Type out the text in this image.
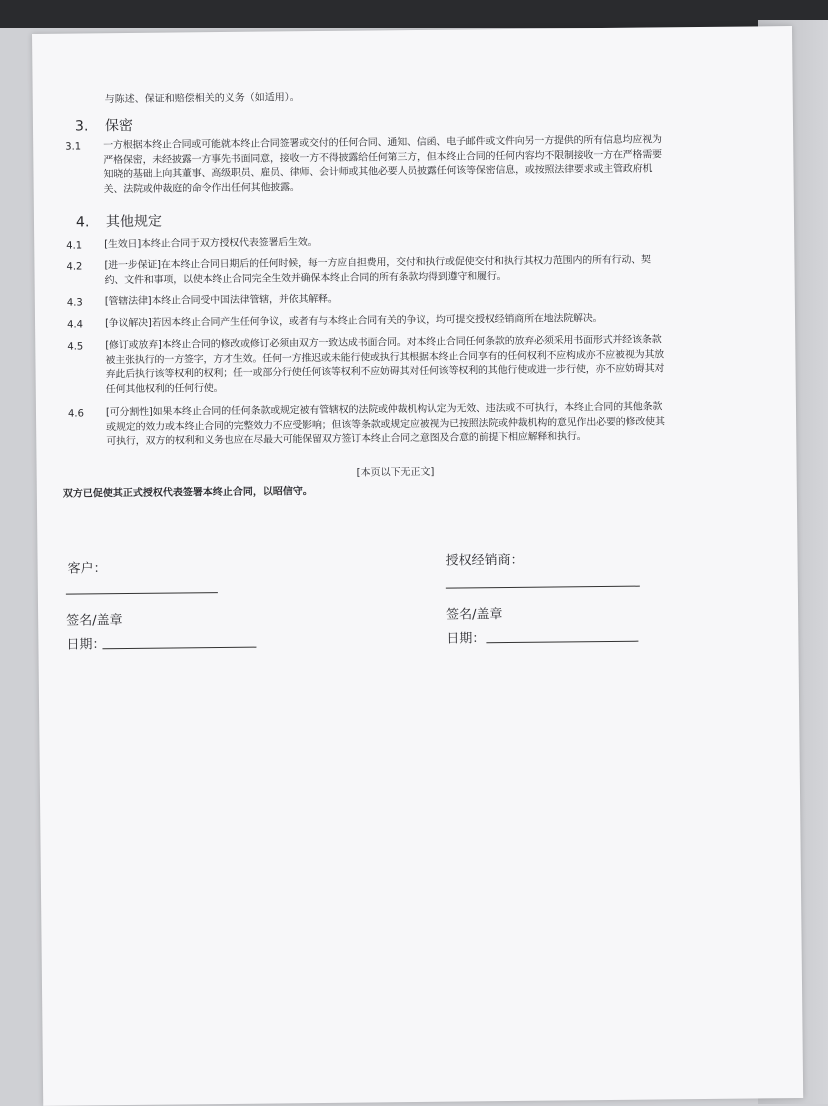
与陈述、保证和赔偿相关的义务（如适用）。
3. 保密
3.1 一方根据本终止合同或可能就本终止合同签署或交付的任何合同、通知、信函、电子邮件或文件向另一方提供的所有信息均应视为
严格保密，未经披露一方事先书面同意，接收一方不得披露给任何第三方，但本终止合同的任何内容均不限制接收一方在严格需要
知晓的基础上向其董事、高级职员、雇员、律师、会计师或其他必要人员披露任何该等保密信息，或按照法律要求或主管政府机
关、法院或仲裁庭的命令作出任何其他披露。
4. 其他规定
4.1 [生效日]本终止合同于双方授权代表签署后生效。
4.2 [进一步保证]在本终止合同日期后的任何时候，每一方应自担费用，交付和执行或促使交付和执行其权力范围内的所有行动、契
约、文件和事项，以使本终止合同完全生效并确保本终止合同的所有条款均得到遵守和履行。
4.3 [管辖法律]本终止合同受中国法律管辖，并依其解释。
4.4 [争议解决]若因本终止合同产生任何争议，或者有与本终止合同有关的争议，均可提交授权经销商所在地法院解决。
4.5 [修订或放弃]本终止合同的修改或修订必须由双方一致达成书面合同。对本终止合同任何条款的放弃必须采用书面形式并经该条款
被主张执行的一方签字，方才生效。任何一方推迟或未能行使或执行其根据本终止合同享有的任何权利不应构成亦不应被视为其放
弃此后执行该等权利的权利；任一或部分行使任何该等权利不应妨碍其对任何该等权利的其他行使或进一步行使，亦不应妨碍其对
任何其他权利的任何行使。
4.6 [可分割性]如果本终止合同的任何条款或规定被有管辖权的法院或仲裁机构认定为无效、违法或不可执行，本终止合同的其他条款
或规定的效力或本终止合同的完整效力不应受影响；但该等条款或规定应被视为已按照法院或仲裁机构的意见作出必要的修改使其
可执行，双方的权利和义务也应在尽最大可能保留双方签订本终止合同之意图及合意的前提下相应解释和执行。
[本页以下无正文]
双方已促使其正式授权代表签署本终止合同，以昭信守。
客户：
签名/盖章
日期：
授权经销商：
签名/盖章
日期：
